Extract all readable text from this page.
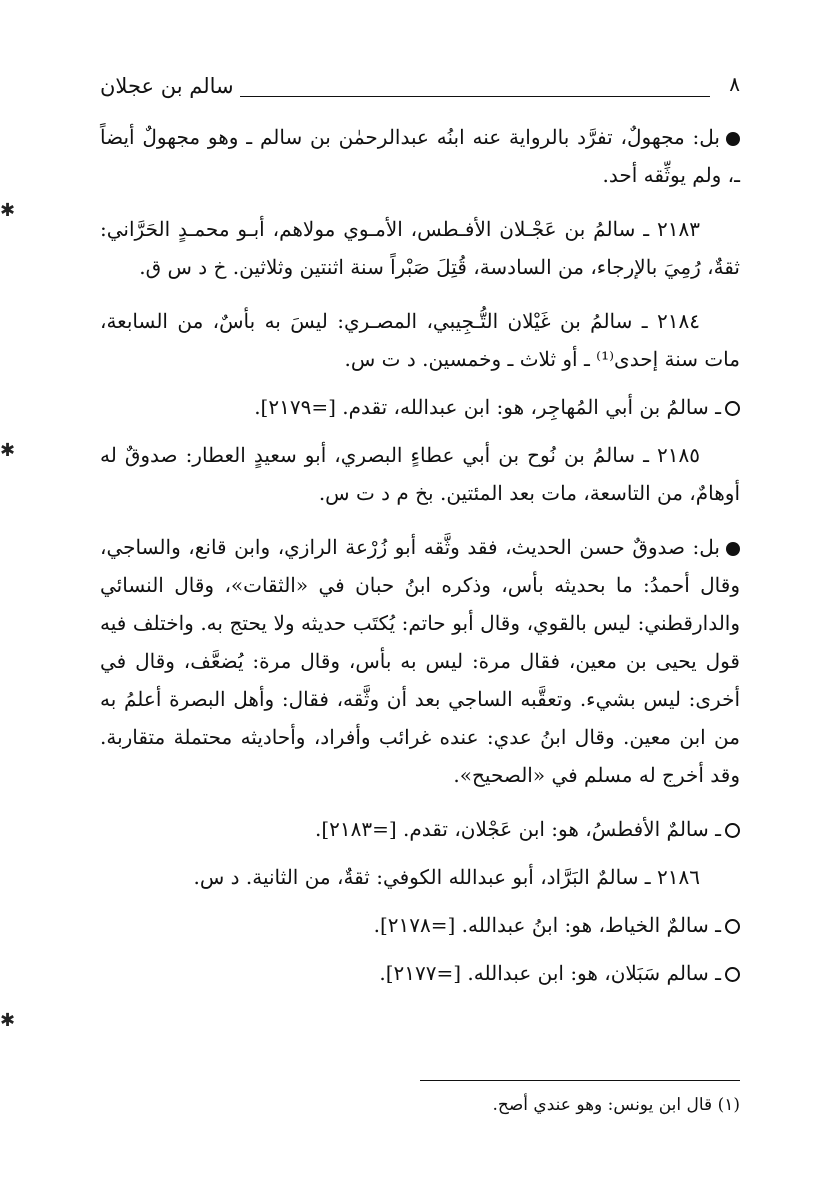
٨
سالم بن عجلان

بل: مجهولٌ، تفرَّد بالرواية عنه ابنُه عبدالرحمٰن بن سالم ـ وهو مجهولٌ أيضاً ـ، ولم يوثِّقه أحد.

٢١٨٣ ـ سالمُ بن عَجْـلان الأفـطس، الأمـوي مولاهم، أبـو محمـدٍ الحَرَّاني: ثقةٌ، رُمِيَ بالإرجاء، من السادسة، قُتِلَ صَبْراً سنة اثنتين وثلاثين. خ د س ق.

٢١٨٤ ـ سالمُ بن غَيْلان التُّـجِيبي، المصـري: ليسَ به بأسٌ، من السابعة، مات سنة إحدى⁽¹⁾ ـ أو ثلاث ـ وخمسين. د ت س.

ـ سالمُ بن أبي المُهاجِر، هو: ابن عبدالله، تقدم. [=٢١٧٩].

٢١٨٥ ـ سالمُ بن نُوح بن أبي عطاءٍ البصري، أبو سعيدٍ العطار: صدوقٌ له أوهامٌ، من التاسعة، مات بعد المئتين. بخ م د ت س.

بل: صدوقٌ حسن الحديث، فقد وثَّقه أبو زُرْعة الرازي، وابن قانع، والساجي، وقال أحمدُ: ما بحديثه بأس، وذكره ابنُ حبان في «الثقات»، وقال النسائي والدارقطني: ليس بالقوي، وقال أبو حاتم: يُكتَب حديثه ولا يحتج به. واختلف فيه قول يحيى بن معين، فقال مرة: ليس به بأس، وقال مرة: يُضعَّف، وقال في أخرى: ليس بشيء. وتعقَّبه الساجي بعد أن وثَّقه، فقال: وأهل البصرة أعلمُ به من ابن معين. وقال ابنُ عدي: عنده غرائب وأفراد، وأحاديثه محتملة متقاربة. وقد أخرج له مسلم في «الصحيح».

ـ سالمٌ الأفطسُ، هو: ابن عَجْلان، تقدم. [=٢١٨٣].

٢١٨٦ ـ سالمٌ البَرَّاد، أبو عبدالله الكوفي: ثقةٌ، من الثانية. د س.

ـ سالمٌ الخياط، هو: ابنُ عبدالله. [=٢١٧٨].

ـ سالم سَبَلان، هو: ابن عبدالله. [=٢١٧٧].

(١) قال ابن يونس: وهو عندي أصح.
✱
✱
✱
